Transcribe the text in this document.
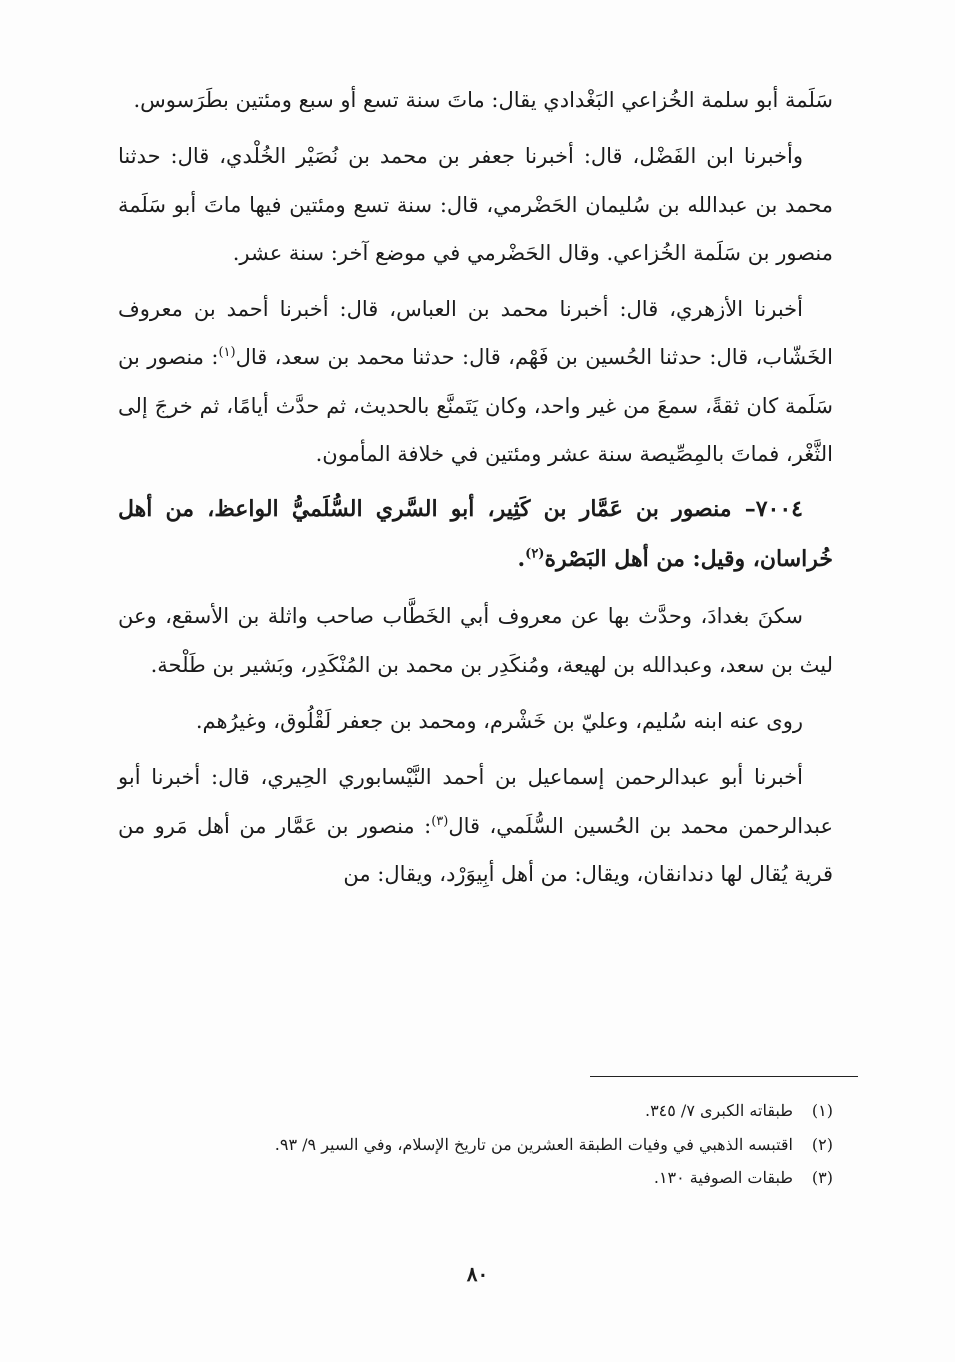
سَلَمة أبو سلمة الخُزاعي البَغْدادي يقال: ماتَ سنة تسع أو سبع ومئتين بطَرَسوس.

وأخبرنا ابن الفَضْل، قال: أخبرنا جعفر بن محمد بن نُصَيْر الخُلْدي، قال: حدثنا محمد بن عبدالله بن سُليمان الحَضْرمي، قال: سنة تسع ومئتين فيها ماتَ أبو سَلَمة منصور بن سَلَمة الخُزاعي. وقال الحَضْرمي في موضع آخر: سنة عشر.

أخبرنا الأزهري، قال: أخبرنا محمد بن العباس، قال: أخبرنا أحمد بن معروف الخَشّاب، قال: حدثنا الحُسين بن فَهْم، قال: حدثنا محمد بن سعد، قال$^{(١)}$: منصور بن سَلَمة كان ثقةً، سمعَ من غير واحد، وكان يَتَمنَّع بالحديث، ثم حدَّث أيامًا، ثم خرجَ إلى الثَّغْر، فماتَ بالمِصِّيصة سنة عشر ومئتين في خلافة المأمون.

٧٠٠٤– منصور بن عَمَّار بن كَثِير، أبو السَّري السُّلَميُّ الواعظ، من أهل خُراسان، وقيل: من أهل البَصْرة$^{(٢)}$.

سكنَ بغدادَ، وحدَّث بها عن معروف أبي الخَطَّاب صاحب واثلة بن الأسقع، وعن ليث بن سعد، وعبدالله بن لهيعة، ومُنكَدِر بن محمد بن المُنْكَدِر، وبَشير بن طَلْحة.

روى عنه ابنه سُليم، وعليّ بن خَشْرم، ومحمد بن جعفر لَقْلُوق، وغيرُهم.

أخبرنا أبو عبدالرحمن إسماعيل بن أحمد النَّيْسابوري الحِيري، قال: أخبرنا أبو عبدالرحمن محمد بن الحُسين السُّلَمي، قال$^{(٣)}$: منصور بن عَمَّار من أهل مَرو من قرية يُقال لها دندانقان، ويقال: من أهل أبِيوَرْد، ويقال: من

(١)طبقاته الكبرى ٧/ ٣٤٥.

(٢)اقتبسه الذهبي في وفيات الطبقة العشرين من تاريخ الإسلام، وفي السير ٩/ ٩٣.

(٣)طبقات الصوفية ١٣٠.

٨٠
